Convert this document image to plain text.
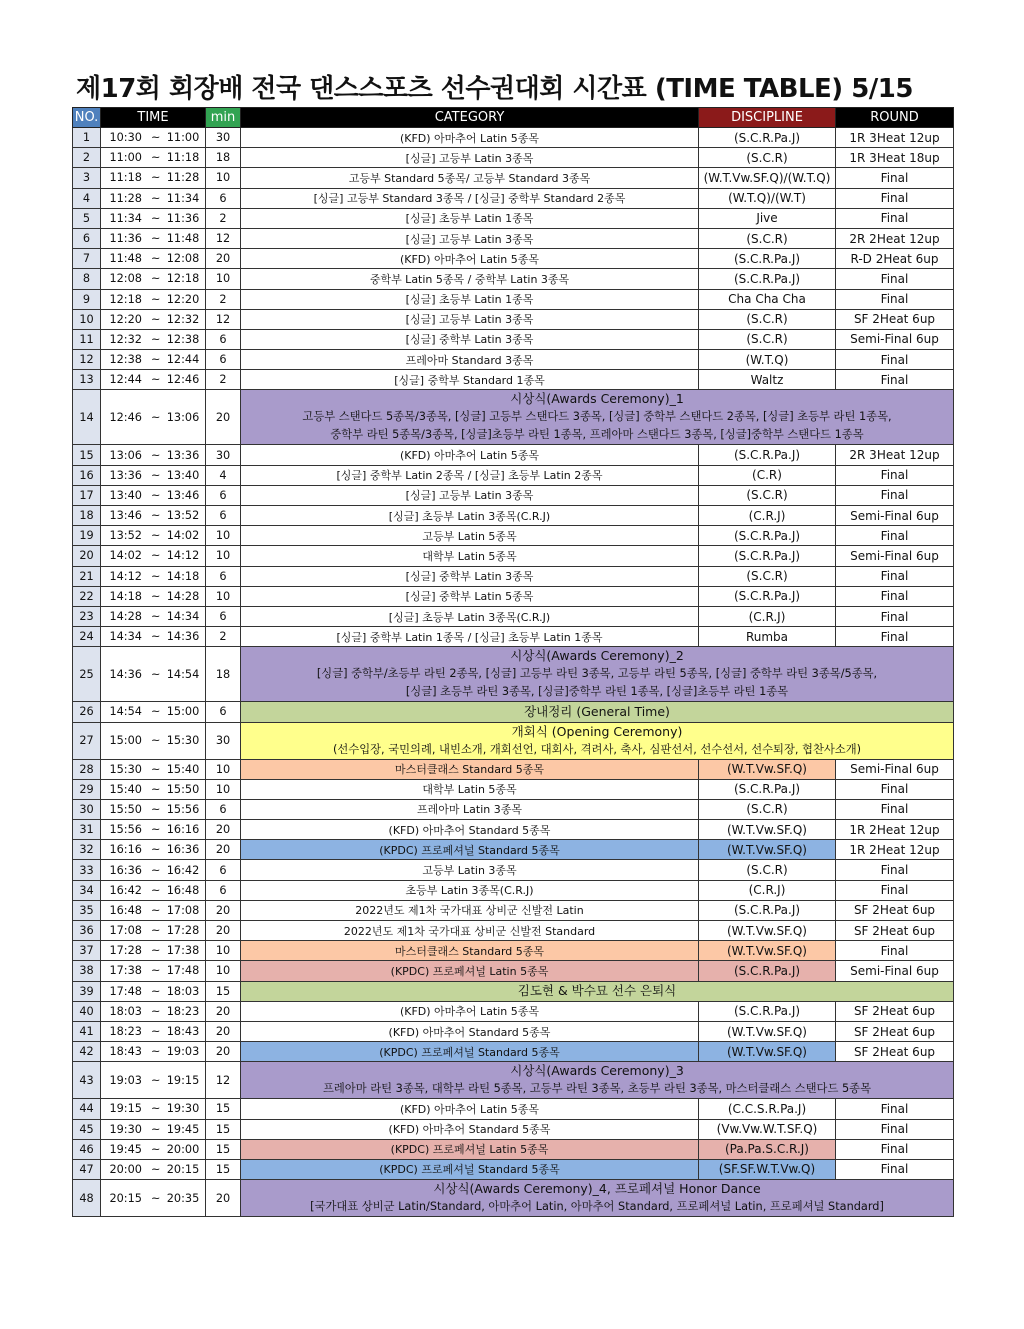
제17회 회장배 전국 댄스스포츠 선수권대회 시간표 (TIME TABLE) 5/15
NO.	TIME	min	CATEGORY	DISCIPLINE	ROUND
1	10:30 ~ 11:00	30	(KFD) 아마추어 Latin 5종목	(S.C.R.Pa.J)	1R 3Heat 12up
2	11:00 ~ 11:18	18	[싱글] 고등부 Latin 3종목	(S.C.R)	1R 3Heat 18up
3	11:18 ~ 11:28	10	고등부 Standard 5종목/ 고등부 Standard 3종목	(W.T.Vw.SF.Q)/(W.T.Q)	Final
4	11:28 ~ 11:34	6	[싱글] 고등부 Standard 3종목 / [싱글] 중학부 Standard 2종목	(W.T.Q)/(W.T)	Final
5	11:34 ~ 11:36	2	[싱글] 초등부 Latin 1종목	Jive	Final
6	11:36 ~ 11:48	12	[싱글] 고등부 Latin 3종목	(S.C.R)	2R 2Heat 12up
7	11:48 ~ 12:08	20	(KFD) 아마추어 Latin 5종목	(S.C.R.Pa.J)	R-D 2Heat 6up
8	12:08 ~ 12:18	10	중학부 Latin 5종목 / 중학부 Latin 3종목	(S.C.R.Pa.J)	Final
9	12:18 ~ 12:20	2	[싱글] 초등부 Latin 1종목	Cha Cha Cha	Final
10	12:20 ~ 12:32	12	[싱글] 고등부 Latin 3종목	(S.C.R)	SF 2Heat 6up
11	12:32 ~ 12:38	6	[싱글] 중학부 Latin 3종목	(S.C.R)	Semi-Final 6up
12	12:38 ~ 12:44	6	프레아마 Standard 3종목	(W.T.Q)	Final
13	12:44 ~ 12:46	2	[싱글] 중학부 Standard 1종목	Waltz	Final
14	12:46 ~ 13:06	20	시상식(Awards Ceremony)_1
고등부 스탠다드 5종목/3종목, [싱글] 고등부 스탠다드 3종목, [싱글] 중학부 스탠다드 2종목, [싱글] 초등부 라틴 1종목,
중학부 라틴 5종목/3종목, [싱글]초등부 라틴 1종목, 프레아마 스탠다드 3종목, [싱글]중학부 스탠다드 1종목		

15	13:06 ~ 13:36	30	(KFD) 아마추어 Latin 5종목	(S.C.R.Pa.J)	2R 3Heat 12up
16	13:36 ~ 13:40	4	[싱글] 중학부 Latin 2종목 / [싱글] 초등부 Latin 2종목	(C.R)	Final
17	13:40 ~ 13:46	6	[싱글] 고등부 Latin 3종목	(S.C.R)	Final
18	13:46 ~ 13:52	6	[싱글] 초등부 Latin 3종목(C.R.J)	(C.R.J)	Semi-Final 6up
19	13:52 ~ 14:02	10	고등부 Latin 5종목	(S.C.R.Pa.J)	Final
20	14:02 ~ 14:12	10	대학부 Latin 5종목	(S.C.R.Pa.J)	Semi-Final 6up
21	14:12 ~ 14:18	6	[싱글] 중학부 Latin 3종목	(S.C.R)	Final
22	14:18 ~ 14:28	10	[싱글] 중학부 Latin 5종목	(S.C.R.Pa.J)	Final
23	14:28 ~ 14:34	6	[싱글] 초등부 Latin 3종목(C.R.J)	(C.R.J)	Final
24	14:34 ~ 14:36	2	[싱글] 중학부 Latin 1종목 / [싱글] 초등부 Latin 1종목	Rumba	Final
25	14:36 ~ 14:54	18	시상식(Awards Ceremony)_2
[싱글] 중학부/초등부 라틴 2종목, [싱글] 고등부 라틴 3종목, 고등부 라틴 5종목, [싱글] 중학부 라틴 3종목/5종목,
[싱글] 초등부 라틴 3종목, [싱글]중학부 라틴 1종목, [싱글]초등부 라틴 1종목		

26	14:54 ~ 15:00	6	장내정리 (General Time)		

27	15:00 ~ 15:30	30	개회식 (Opening Ceremony)
(선수입장, 국민의례, 내빈소개, 개회선언, 대회사, 격려사, 축사, 심판선서, 선수선서, 선수퇴장, 협찬사소개)		

28	15:30 ~ 15:40	10	마스터클래스 Standard 5종목	(W.T.Vw.SF.Q)	Semi-Final 6up
29	15:40 ~ 15:50	10	대학부 Latin 5종목	(S.C.R.Pa.J)	Final
30	15:50 ~ 15:56	6	프레아마 Latin 3종목	(S.C.R)	Final
31	15:56 ~ 16:16	20	(KFD) 아마추어 Standard 5종목	(W.T.Vw.SF.Q)	1R 2Heat 12up
32	16:16 ~ 16:36	20	(KPDC) 프로페셔널 Standard 5종목	(W.T.Vw.SF.Q)	1R 2Heat 12up
33	16:36 ~ 16:42	6	고등부 Latin 3종목	(S.C.R)	Final
34	16:42 ~ 16:48	6	초등부 Latin 3종목(C.R.J)	(C.R.J)	Final
35	16:48 ~ 17:08	20	2022년도 제1차 국가대표 상비군 신발전 Latin	(S.C.R.Pa.J)	SF 2Heat 6up
36	17:08 ~ 17:28	20	2022년도 제1차 국가대표 상비군 신발전 Standard	(W.T.Vw.SF.Q)	SF 2Heat 6up
37	17:28 ~ 17:38	10	마스터클래스 Standard 5종목	(W.T.Vw.SF.Q)	Final
38	17:38 ~ 17:48	10	(KPDC) 프로페셔널 Latin 5종목	(S.C.R.Pa.J)	Semi-Final 6up
39	17:48 ~ 18:03	15	김도현 & 박수묘 선수 은퇴식		

40	18:03 ~ 18:23	20	(KFD) 아마추어 Latin 5종목	(S.C.R.Pa.J)	SF 2Heat 6up
41	18:23 ~ 18:43	20	(KFD) 아마추어 Standard 5종목	(W.T.Vw.SF.Q)	SF 2Heat 6up
42	18:43 ~ 19:03	20	(KPDC) 프로페셔널 Standard 5종목	(W.T.Vw.SF.Q)	SF 2Heat 6up
43	19:03 ~ 19:15	12	시상식(Awards Ceremony)_3
프레아마 라틴 3종목, 대학부 라틴 5종목, 고등부 라틴 3종목, 초등부 라틴 3종목, 마스터클래스 스탠다드 5종목		

44	19:15 ~ 19:30	15	(KFD) 아마추어 Latin 5종목	(C.C.S.R.Pa.J)	Final
45	19:30 ~ 19:45	15	(KFD) 아마추어 Standard 5종목	(Vw.Vw.W.T.SF.Q)	Final
46	19:45 ~ 20:00	15	(KPDC) 프로페셔널 Latin 5종목	(Pa.Pa.S.C.R.J)	Final
47	20:00 ~ 20:15	15	(KPDC) 프로페셔널 Standard 5종목	(SF.SF.W.T.Vw.Q)	Final
48	20:15 ~ 20:35	20	시상식(Awards Ceremony)_4, 프로페셔널 Honor Dance
[국가대표 상비군 Latin/Standard, 아마추어 Latin, 아마추어 Standard, 프로페셔널 Latin, 프로페셔널 Standard]		
